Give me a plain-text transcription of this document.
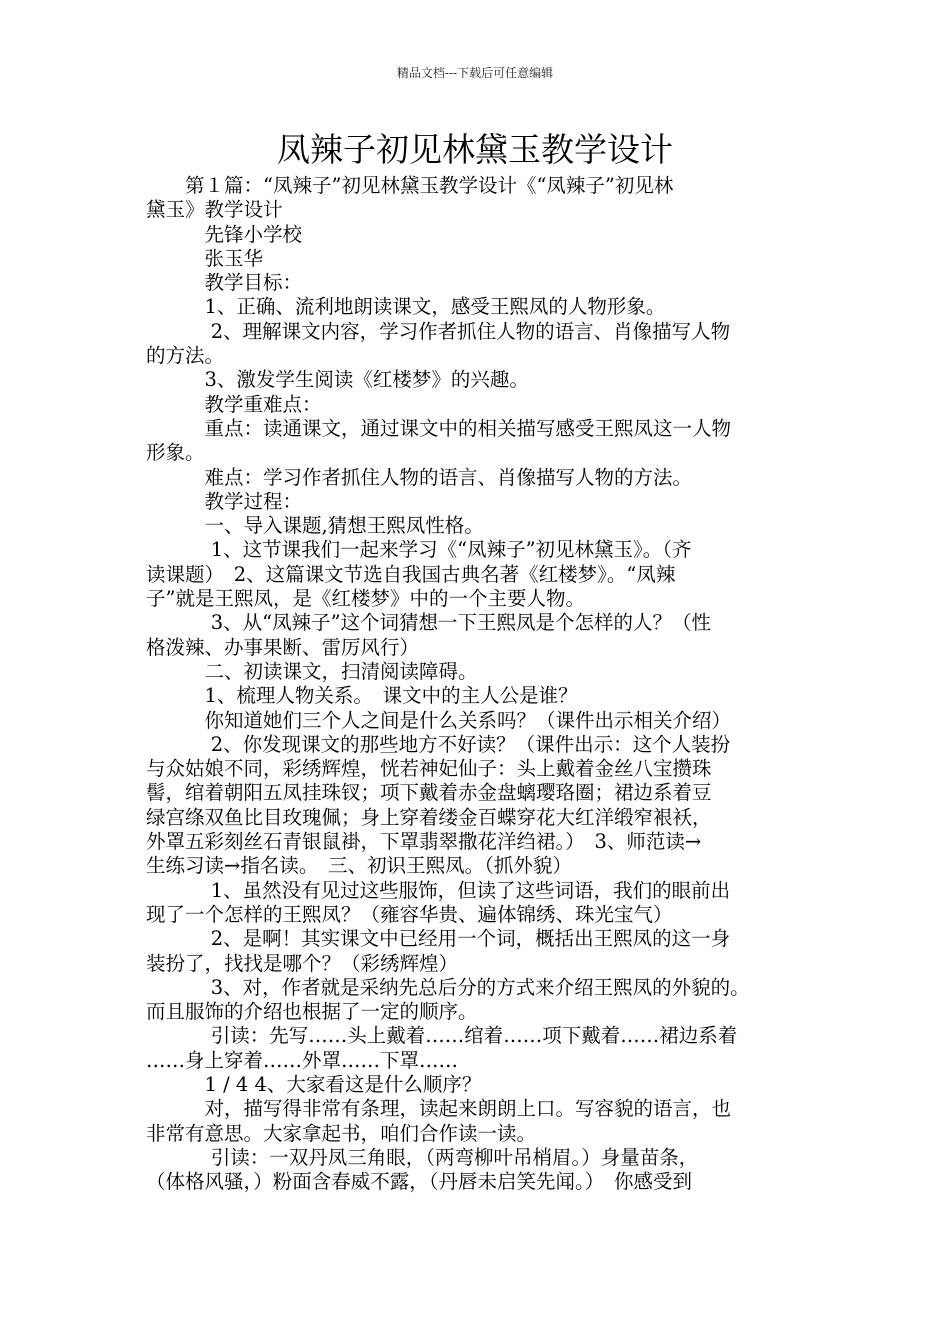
精品文档---下载后可任意编辑
凤辣子初见林黛玉教学设计

　　第１篇：“凤辣子”初见林黛玉教学设计《“凤辣子”初见林

黛玉》教学设计

　　　先锋小学校

　　　张玉华

　　　教学目标：

　　　1、正确、流利地朗读课文，感受王熙凤的人物形象。

　　　 2、理解课文内容，学习作者抓住人物的语言、肖像描写人物

的方法。

　　　3、激发学生阅读《红楼梦》的兴趣。

　　　教学重难点：

　　　重点：读通课文，通过课文中的相关描写感受王熙凤这一人物

形象。

　　　难点：学习作者抓住人物的语言、肖像描写人物的方法。

　　　教学过程：

　　　一、导入课题,猜想王熙凤性格。

　　　 1、这节课我们一起来学习《“凤辣子”初见林黛玉》。（齐

读课题）　2、这篇课文节选自我国古典名著《红楼梦》。“凤辣

子”就是王熙凤，是《红楼梦》中的一个主要人物。

　　　 3、从“凤辣子”这个词猜想一下王熙凤是个怎样的人？（性

格泼辣、办事果断、雷厉风行）

　　　二、初读课文，扫清阅读障碍。

　　　1、梳理人物关系。　课文中的主人公是谁？

　　　你知道她们三个人之间是什么关系吗？（课件出示相关介绍）

　　　 2、你发现课文的那些地方不好读？（课件出示：这个人装扮

与众姑娘不同，彩绣辉煌，恍若神妃仙子：头上戴着金丝八宝攒珠

髻，绾着朝阳五凤挂珠钗；项下戴着赤金盘螭璎珞圈；裙边系着豆

绿宫绦双鱼比目玫瑰佩；身上穿着缕金百蝶穿花大红洋缎窄裉袄，

外罩五彩刻丝石青银鼠褂，下罩翡翠撒花洋绉裙。）　3、师范读→

生练习读→指名读。　三、初识王熙凤。（抓外貌）

　　　 1、虽然没有见过这些服饰，但读了这些词语，我们的眼前出

现了一个怎样的王熙凤？（雍容华贵、遍体锦绣、珠光宝气）

　　　 2、是啊！其实课文中已经用一个词，概括出王熙凤的这一身

装扮了，找找是哪个？（彩绣辉煌）

　　　 3、对，作者就是采纳先总后分的方式来介绍王熙凤的外貌的。

而且服饰的介绍也根据了一定的顺序。

　　　 引读：先写……头上戴着……绾着……项下戴着……裙边系着

……身上穿着……外罩……下罩……

　　　1 / 4 4、大家看这是什么顺序？

　　　对，描写得非常有条理，读起来朗朗上口。写容貌的语言，也

非常有意思。大家拿起书，咱们合作读一读。

　　　 引读：一双丹凤三角眼，（两弯柳叶吊梢眉。）身量苗条，

（体格风骚，）粉面含春威不露，（丹唇未启笑先闻。）　你感受到
